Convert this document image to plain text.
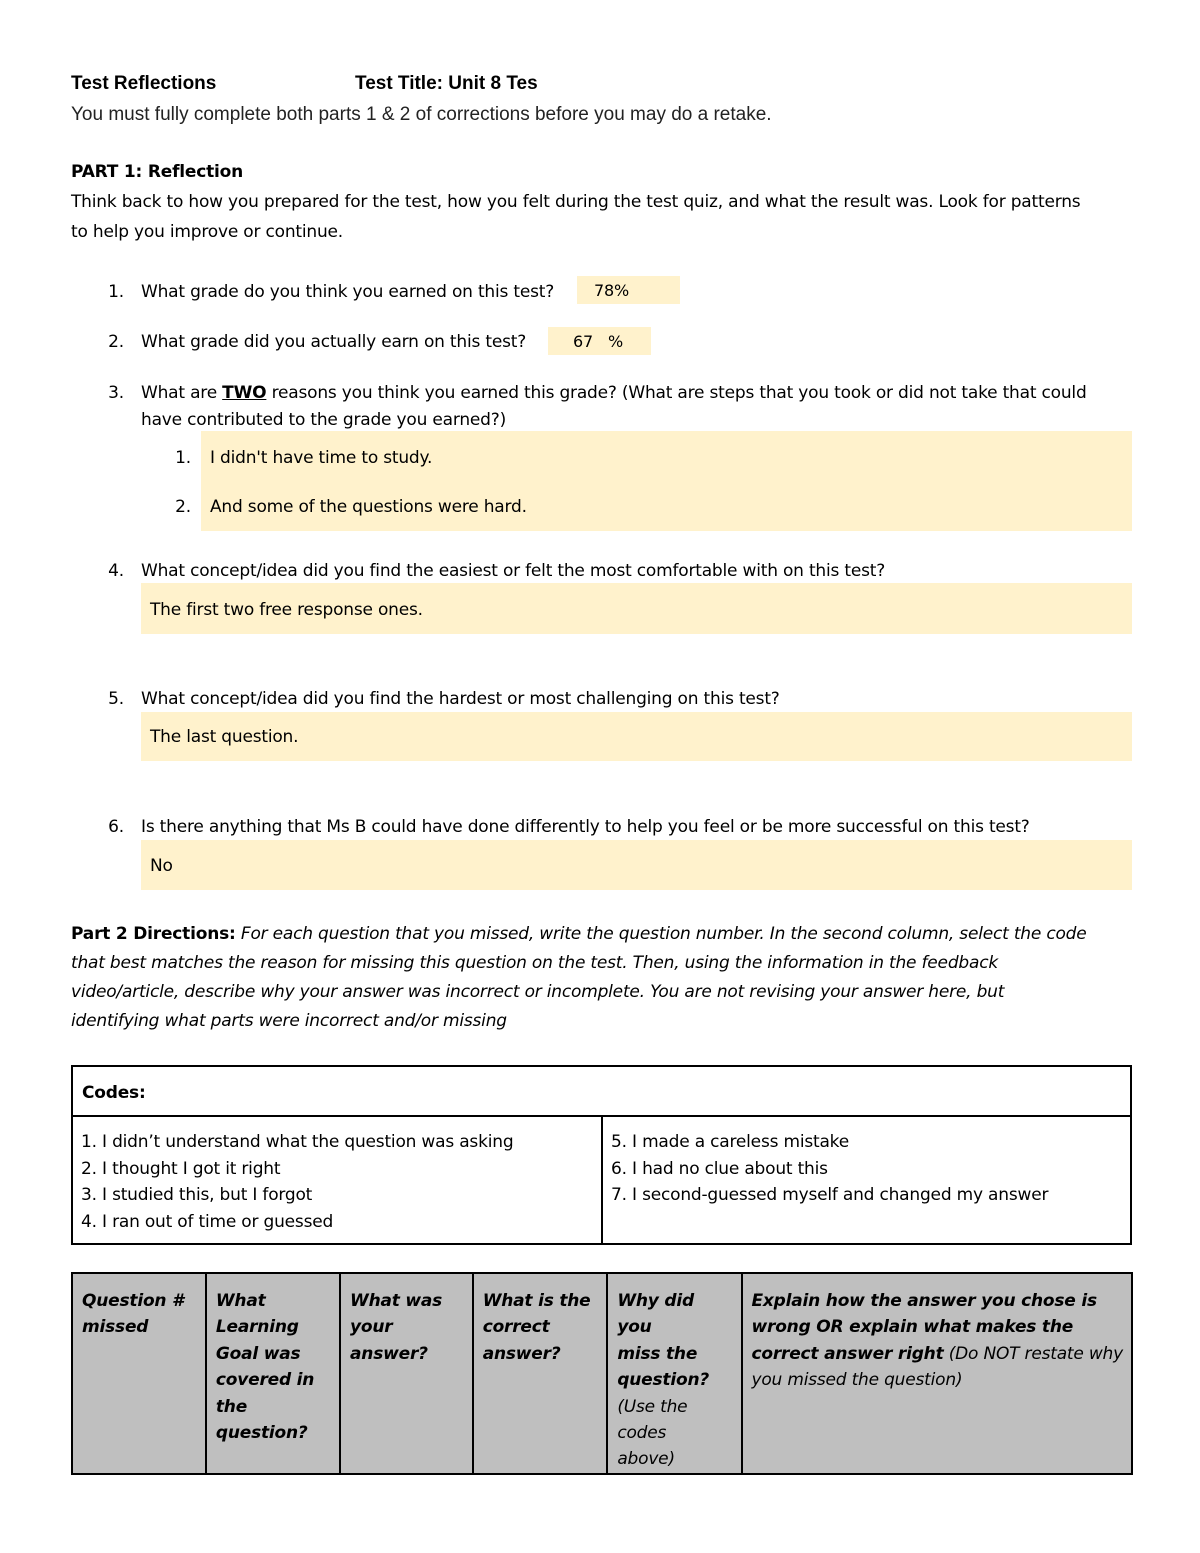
Test Reflections	Test Title: Unit 8 Tes
You must fully complete both parts 1 & 2 of corrections before you may do a retake.
PART 1: Reflection
Think back to how you prepared for the test, how you felt during the test quiz, and what the result was. Look for patterns
to help you improve or continue.
1. What grade do you think you earned on this test? 78%
2. What grade did you actually earn on this test?	67 %
3. What are TWO reasons you think you earned this grade? (What are steps that you took or did not take that could
have contributed to the grade you earned?)
1. I didn't have time to study.
2. And some of the questions were hard.
4. What concept/idea did you find the easiest or felt the most comfortable with on this test?
The first two free response ones.
5. What concept/idea did you find the hardest or most challenging on this test?
The last question.
6. Is there anything that Ms B could have done differently to help you feel or be more successful on this test?
No
Part 2 Directions: For each question that you missed, write the question number. In the second column, select the code
that best matches the reason for missing this question on the test. Then, using the information in the feedback
video/article, describe why your answer was incorrect or incomplete. You are not revising your answer here, but
identifying what parts were incorrect and/or missing
Codes:

1. I didn’t understand what the question was asking
2. I thought I got it right
3. I studied this, but I forgot
4. I ran out of time or guessed

5. I made a careless mistake
6. I had no clue about this
7. I second-guessed myself and changed my answer
Question #
missed

What
Learning
Goal was
covered in
the
question?

What was
your
answer?

What is the
correct
answer?

Why did you
miss the
question?
(Use the
codes
above)

Explain how the answer you chose is
wrong OR explain what makes the
correct answer right (Do NOT restate why
you missed the question)
